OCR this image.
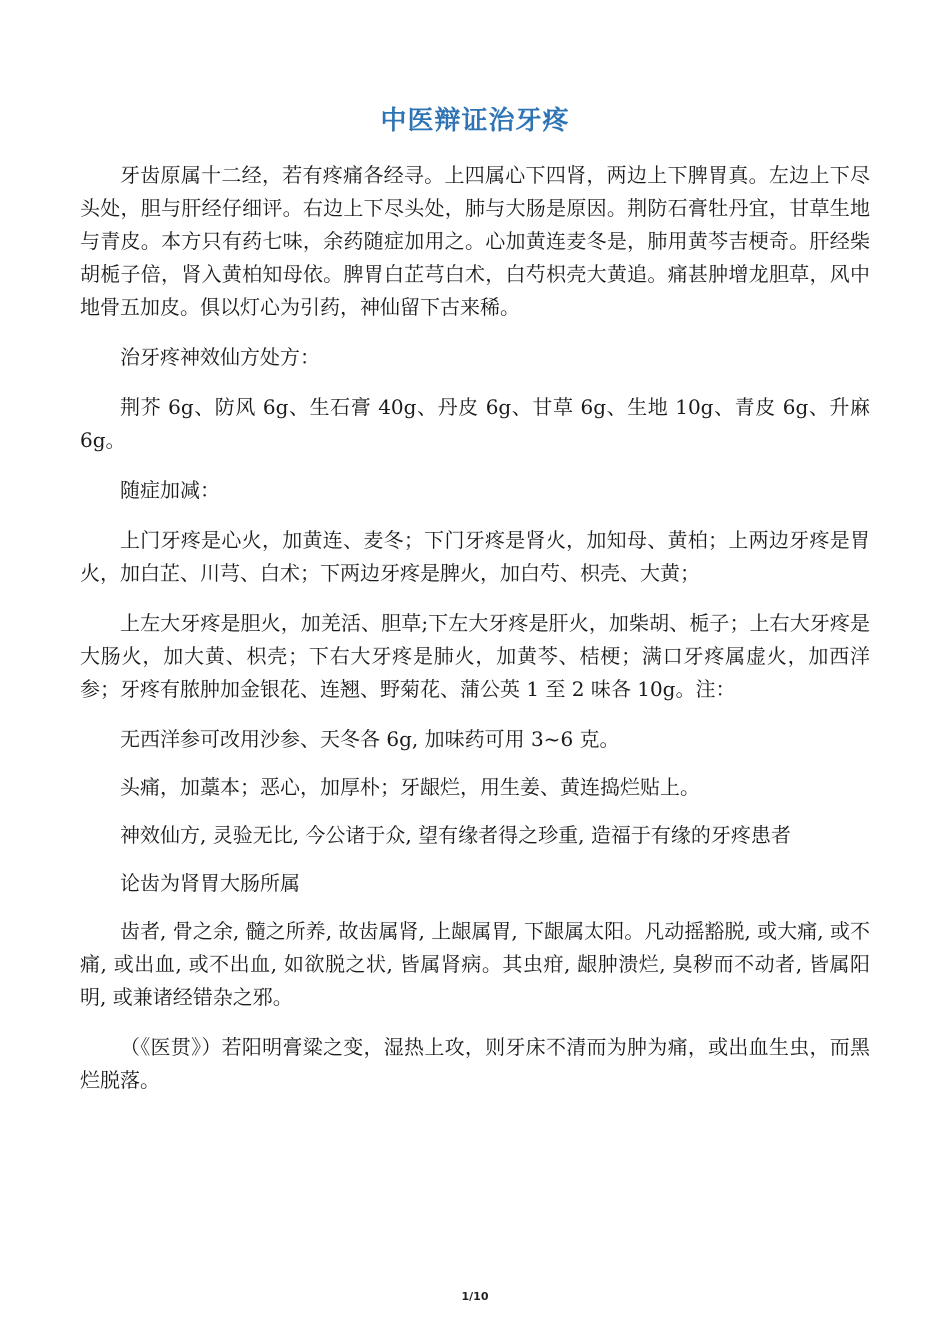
中医辩证治牙疼

牙齿原属十二经，若有疼痛各经寻。上四属心下四肾，两边上下脾胃真。左边上下尽头处，胆与肝经仔细评。右边上下尽头处，肺与大肠是原因。荆防石膏牡丹宜，甘草生地与青皮。本方只有药七味，余药随症加用之。心加黄连麦冬是，肺用黄芩吉梗奇。肝经柴胡栀子倍，肾入黄柏知母依。脾胃白芷芎白术，白芍枳壳大黄追。痛甚肿增龙胆草，风中地骨五加皮。俱以灯心为引药，神仙留下古来稀。

治牙疼神效仙方处方：

荆芥 6g、防风 6g、生石膏 40g、丹皮 6g、甘草 6g、生地 10g、青皮 6g、升麻 6g。

随症加减：

上门牙疼是心火，加黄连、麦冬；下门牙疼是肾火，加知母、黄柏；上两边牙疼是胃火，加白芷、川芎、白术；下两边牙疼是脾火，加白芍、枳壳、大黄；

上左大牙疼是胆火，加羌活、胆草;下左大牙疼是肝火，加柴胡、栀子；上右大牙疼是大肠火，加大黄、枳壳；下右大牙疼是肺火，加黄芩、桔梗；满口牙疼属虚火，加西洋参；牙疼有脓肿加金银花、连翘、野菊花、蒲公英 1 至 2 味各 10g。注：

无西洋参可改用沙参、天冬各 6g, 加味药可用 3~6 克。

头痛，加藁本；恶心，加厚朴；牙龈烂，用生姜、黄连捣烂贴上。

神效仙方, 灵验无比, 今公诸于众, 望有缘者得之珍重, 造福于有缘的牙疼患者

论齿为肾胃大肠所属

齿者, 骨之余, 髓之所养, 故齿属肾, 上龈属胃, 下龈属太阳。凡动摇豁脱, 或大痛, 或不痛, 或出血, 或不出血, 如欲脱之状, 皆属肾病。其虫疳, 龈肿溃烂, 臭秽而不动者, 皆属阳明, 或兼诸经错杂之邪。

（《医贯》）若阳明膏粱之变，湿热上攻，则牙床不清而为肿为痛，或出血生虫，而黑烂脱落。

1/10
